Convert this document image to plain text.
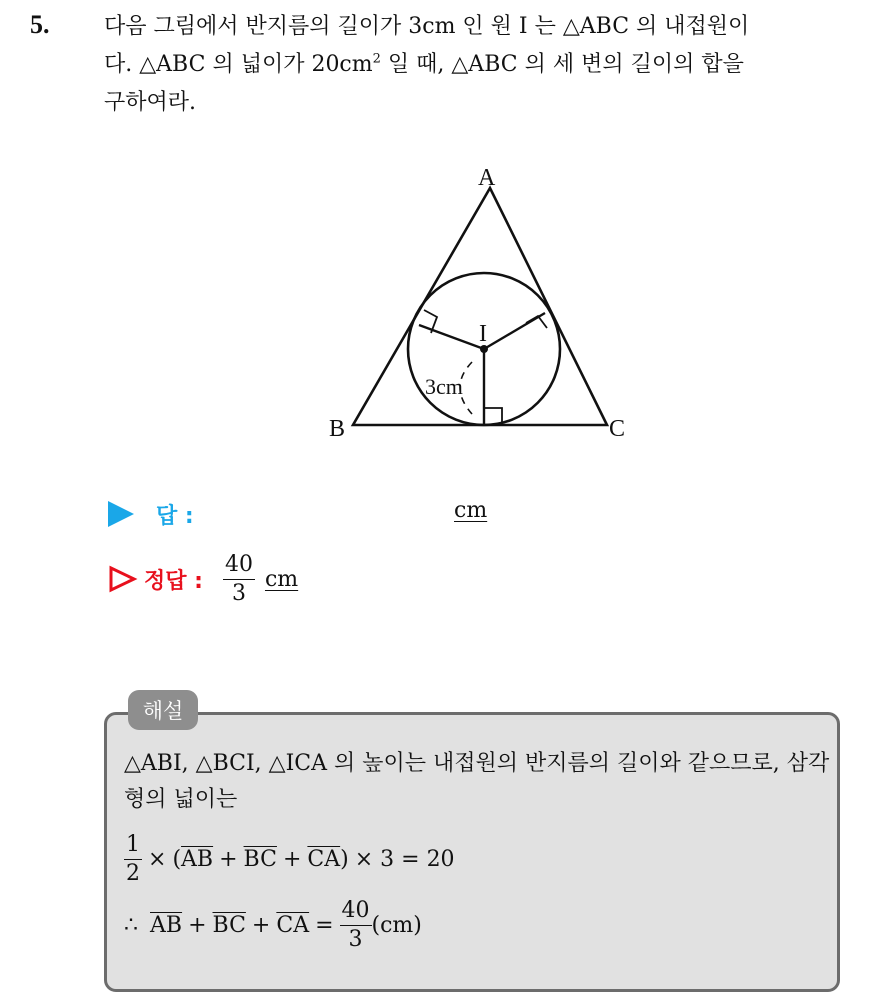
5. 다음 그림에서 반지름의 길이가 3cm 인 원 I 는 △ABC 의 내접원이
다. △ABC 의 넓이가 $20cm^2$ 일 때, △ABC 의 세 변의 길이의 합을
구하여라.
A
B	C
I
3cm
답 :	cm
정답 : $\frac{40}{3}$ cm
해설
△ABI, △BCI, △ICA 의 높이는 내접원의 반지름의 길이와 같으므로, 삼각형의 넓이는
$\frac{1}{2}$ × ( $\overline{AB} + \overline{BC} + \overline{CA}$ ) × 3 = 20
∴ $\overline{AB} + \overline{BC} + \overline{CA} = \frac{40}{3} (cm)$
